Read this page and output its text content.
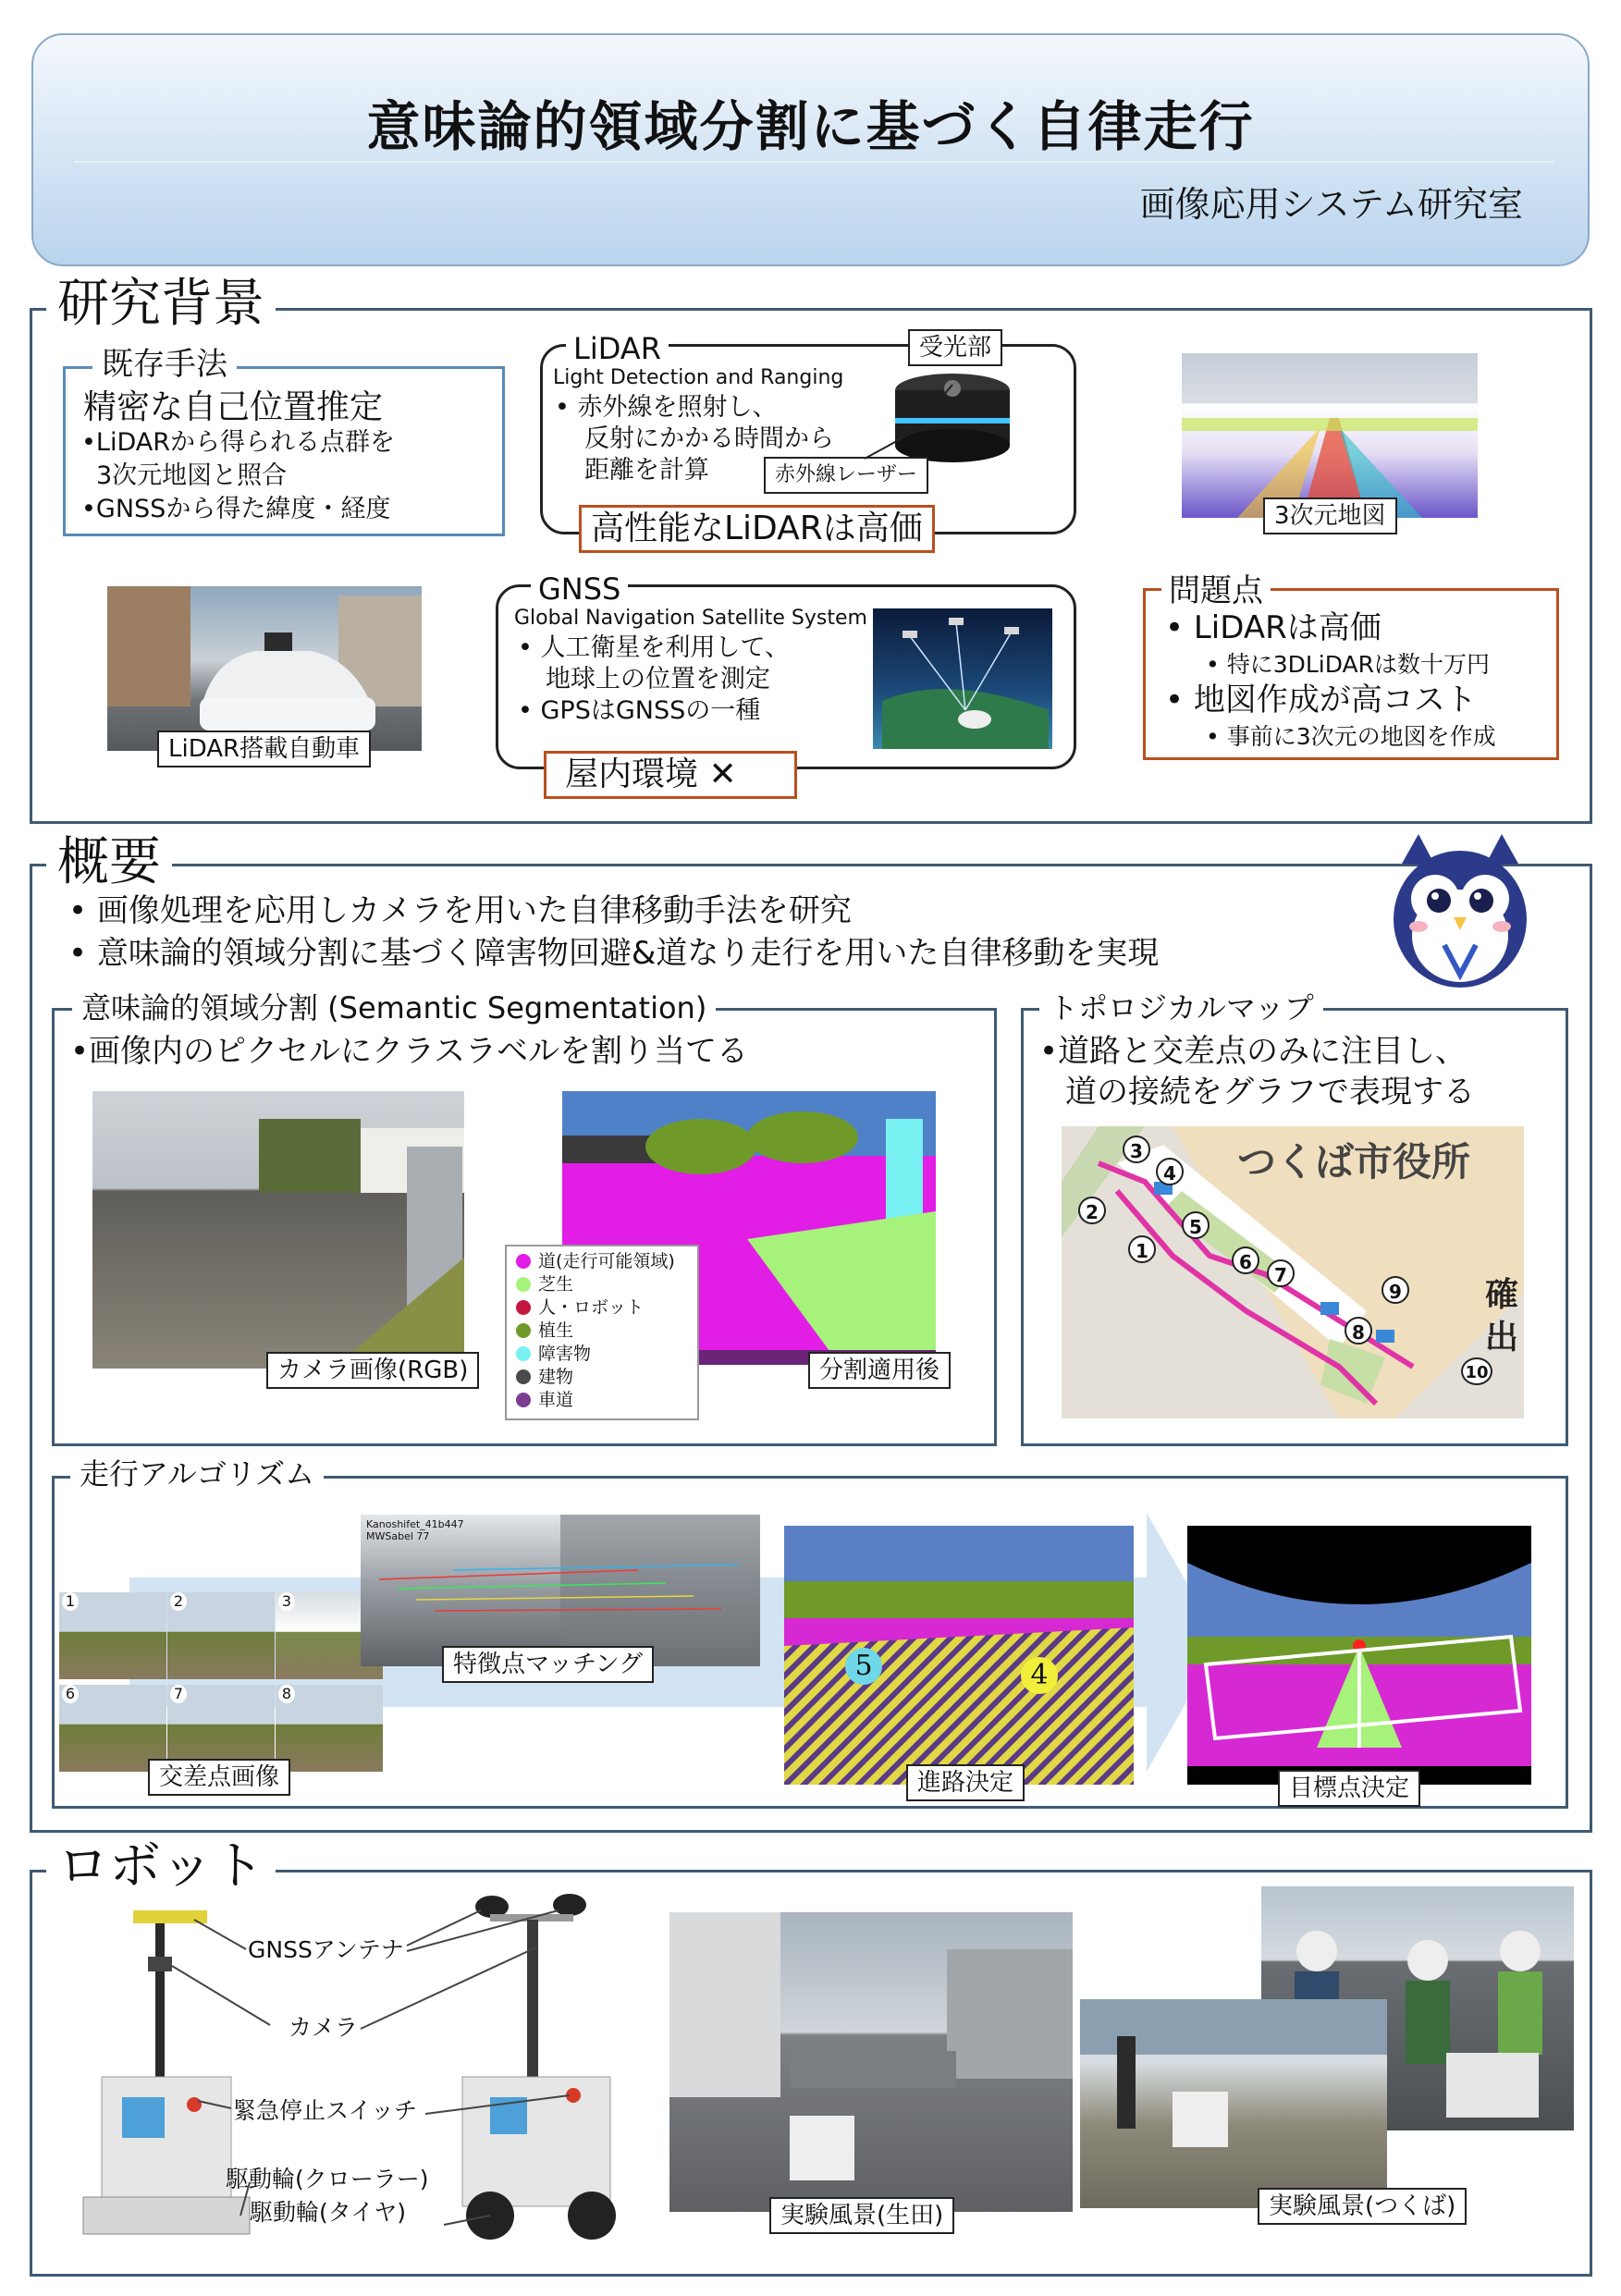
意味論的領域分割に基づく自律走行
画像応用システム研究室
研究背景
既存手法
精密な自己位置推定
•LiDARから得られる点群を
3次元地図と照合
•GNSSから得た緯度・経度
LiDAR
Light Detection and Ranging
• 赤外線を照射し、
反射にかかる時間から
距離を計算
受光部
赤外線レーザー
高性能なLiDARは高価	3次元地図
LiDAR搭載自動車
GNSS
Global Navigation Satellite System
• 人工衛星を利用して、
地球上の位置を測定
• GPSはGNSSの一種
屋内環境 ✕
問題点
• LiDARは高価
• 特に3DLiDARは数十万円
• 地図作成が高コスト
• 事前に3次元の地図を作成
概要
• 画像処理を応用しカメラを用いた自律移動手法を研究
• 意味論的領域分割に基づく障害物回避&道なり走行を用いた自律移動を実現
意味論的領域分割 (Semantic Segmentation)
•画像内のピクセルにクラスラベルを割り当てる
カメラ画像(RGB)
道(走行可能領域)
芝生
人・ロボット
植生
障害物
建物
車道
分割適用後
トポロジカルマップ
•道路と交差点のみに注目し、
道の接続をグラフで表現する
つくば市役所
確
出
3
4
2
5
1	6
7
9
8
10
走行アルゴリズム
1	2	3
6	7	8
交差点画像
Kanoshifet_41b447
MWSabel 77
特徴点マッチング	5	4
進路決定	目標点決定
ロボット
GNSSアンテナ
カメラ
緊急停止スイッチ
駆動輪(クローラー)
駆動輪(タイヤ)	実験風景(生田)	実験風景(つくば)
